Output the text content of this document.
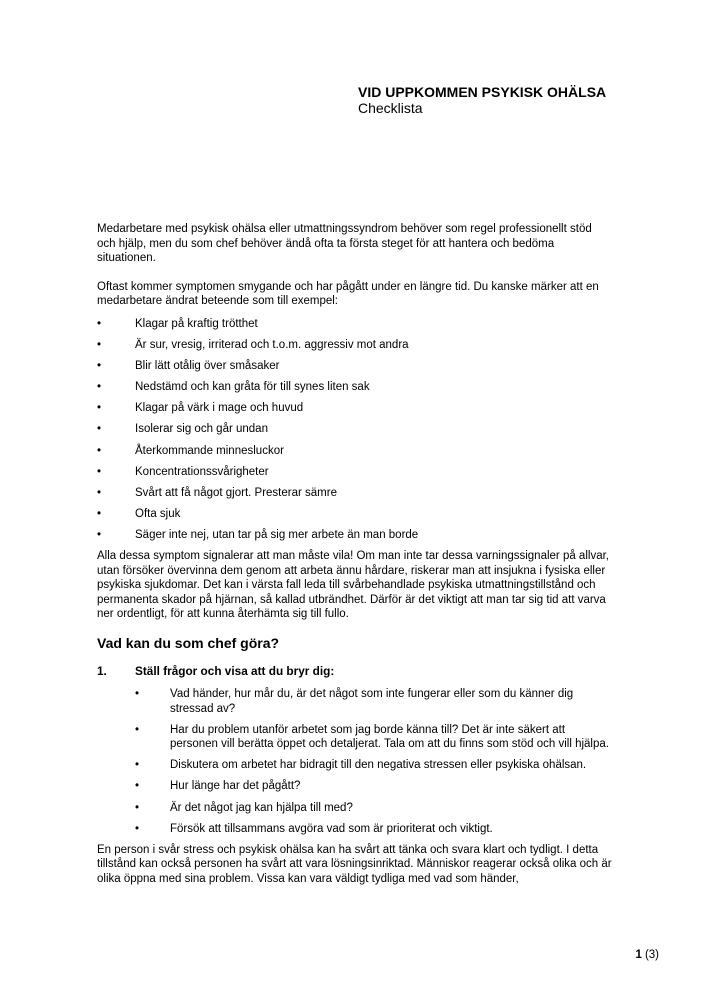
VID UPPKOMMEN PSYKISK OHÄLSA
Checklista

Medarbetare med psykisk ohälsa eller utmattningssyndrom behöver som regel professionellt stöd och hjälp, men du som chef behöver ändå ofta ta första steget för att hantera och bedöma situationen.

Oftast kommer symptomen smygande och har pågått under en längre tid. Du kanske märker att en medarbetare ändrat beteende som till exempel:

•	Klagar på kraftig trötthet
•	Är sur, vresig, irriterad och t.o.m. aggressiv mot andra
•	Blir lätt otålig över småsaker
•	Nedstämd och kan gråta för till synes liten sak
•	Klagar på värk i mage och huvud
•	Isolerar sig och går undan
•	Återkommande minnesluckor
•	Koncentrationssvårigheter
•	Svårt att få något gjort. Presterar sämre
•	Ofta sjuk
•	Säger inte nej, utan tar på sig mer arbete än man borde

Alla dessa symptom signalerar att man måste vila! Om man inte tar dessa varningssignaler på allvar, utan försöker övervinna dem genom att arbeta ännu hårdare, riskerar man att insjukna i fysiska eller psykiska sjukdomar. Det kan i värsta fall leda till svårbehandlade psykiska utmattningstillstånd och permanenta skador på hjärnan, så kallad utbrändhet. Därför är det viktigt att man tar sig tid att varva ner ordentligt, för att kunna återhämta sig till fullo.

Vad kan du som chef göra?
1.	Ställ frågor och visa att du bryr dig:
•	Vad händer, hur mår du, är det något som inte fungerar eller som du känner dig stressad av?
•	Har du problem utanför arbetet som jag borde känna till? Det är inte säkert att personen vill berätta öppet och detaljerat. Tala om att du finns som stöd och vill hjälpa.
•	Diskutera om arbetet har bidragit till den negativa stressen eller psykiska ohälsan.
•	Hur länge har det pågått?
•	Är det något jag kan hjälpa till med?
•	Försök att tillsammans avgöra vad som är prioriterat och viktigt.

En person i svår stress och psykisk ohälsa kan ha svårt att tänka och svara klart och tydligt. I detta tillstånd kan också personen ha svårt att vara lösningsinriktad. Människor reagerar också olika och är olika öppna med sina problem. Vissa kan vara väldigt tydliga med vad som händer,

1 (3)
